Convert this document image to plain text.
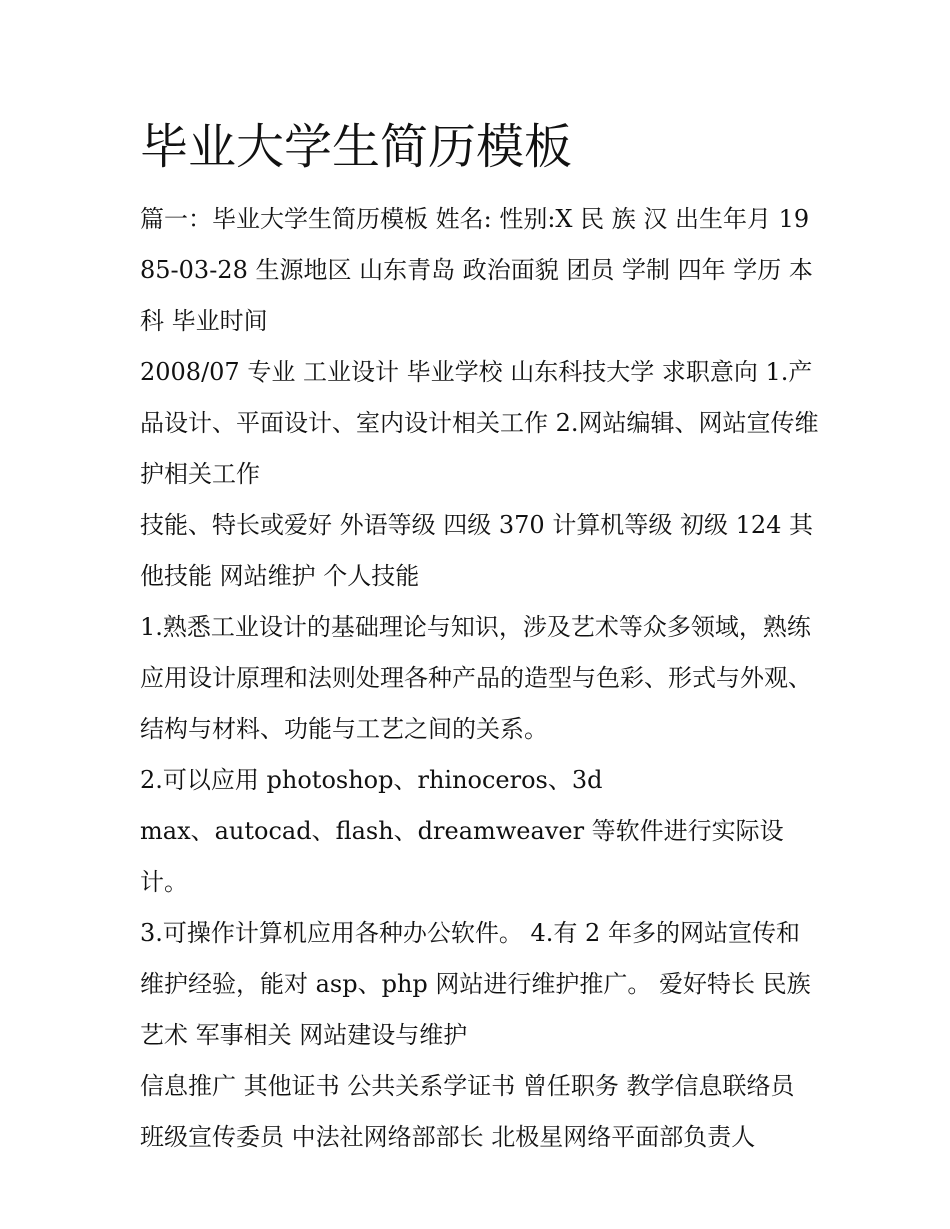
毕业大学生简历模板

篇一：毕业大学生简历模板 姓名: 性别:X 民 族 汉 出生年月 1985-03-28 生源地区 山东青岛 政治面貌 团员 学制 四年 学历 本科 毕业时间

2008/07 专业 工业设计 毕业学校 山东科技大学 求职意向 1.产品设计、平面设计、室内设计相关工作 2.网站编辑、网站宣传维护相关工作

技能、特长或爱好 外语等级 四级 370 计算机等级 初级 124 其他技能 网站维护 个人技能

1.熟悉工业设计的基础理论与知识，涉及艺术等众多领域，熟练应用设计原理和法则处理各种产品的造型与色彩、形式与外观、结构与材料、功能与工艺之间的关系。

2.可以应用 photoshop、rhinoceros、3d

max、autocad、flash、dreamweaver 等软件进行实际设计。

3.可操作计算机应用各种办公软件。 4.有 2 年多的网站宣传和维护经验，能对 asp、php 网站进行维护推广。 爱好特长 民族艺术 军事相关 网站建设与维护

信息推广 其他证书 公共关系学证书 曾任职务 教学信息联络员 班级宣传委员 中法社网络部部长 北极星网络平面部负责人
